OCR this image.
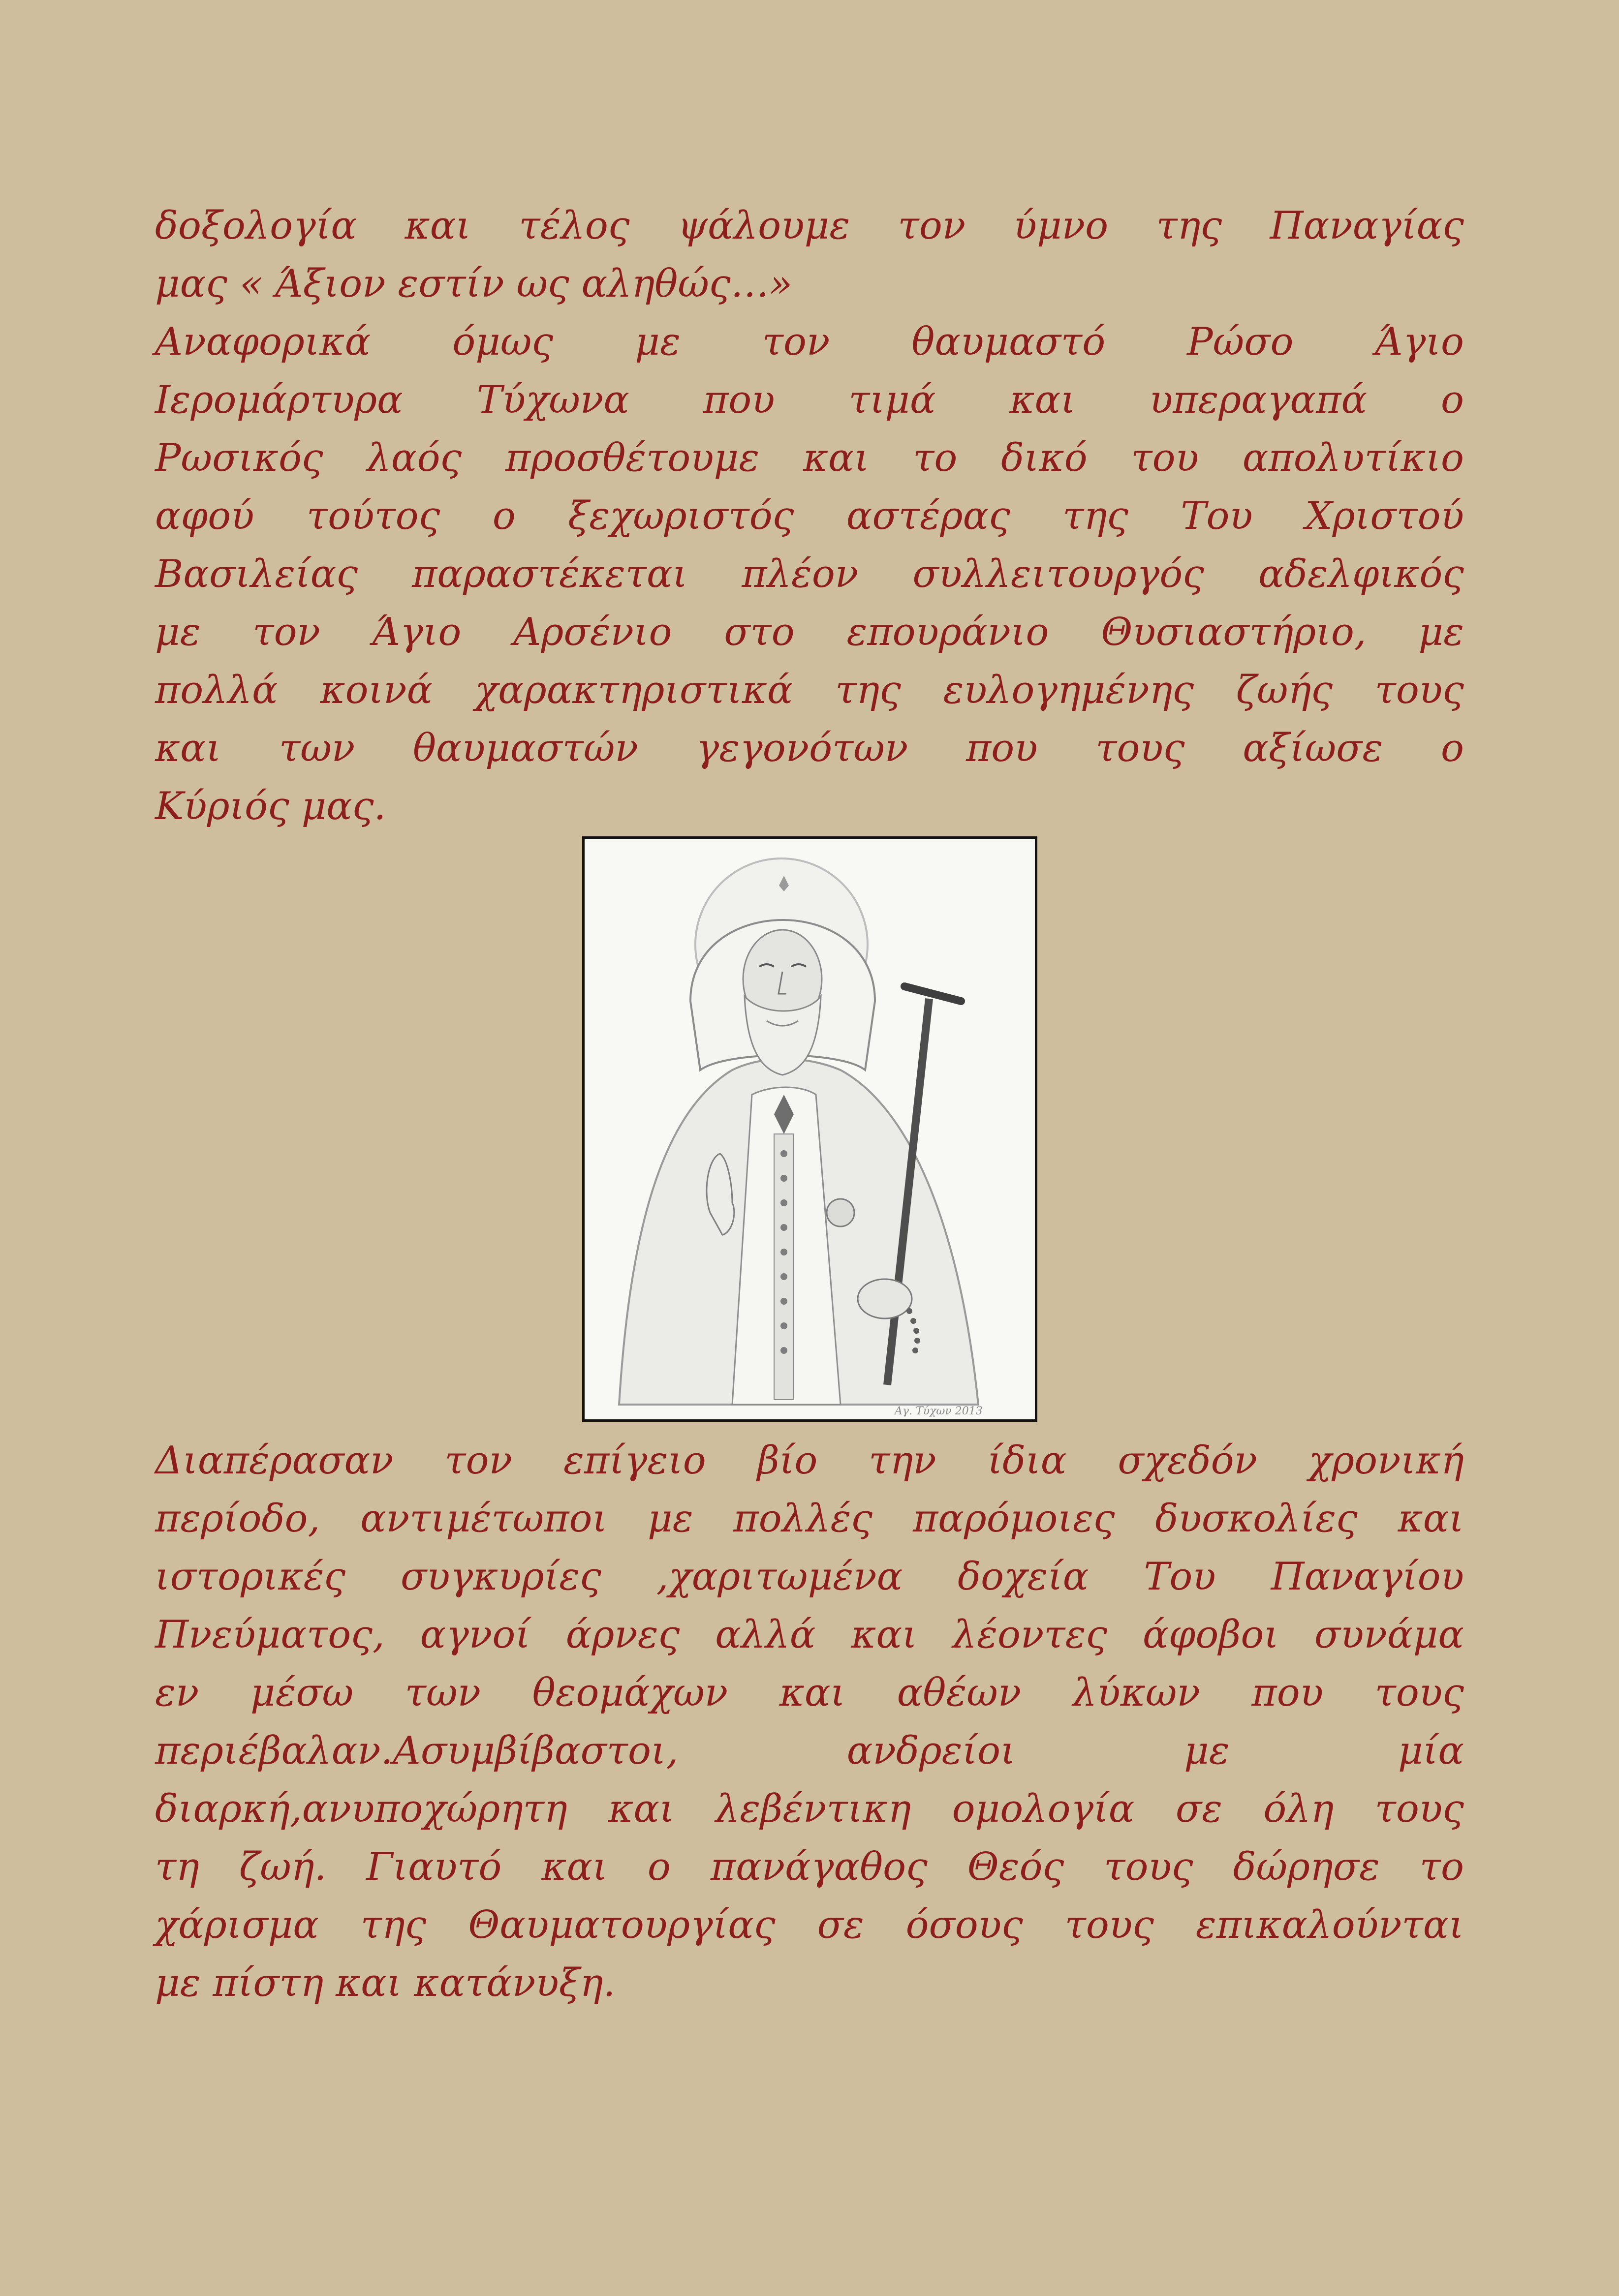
δοξολογία και τέλος ψάλουμε τον ύμνο της Παναγίας
μας « Άξιον εστίν ως αληθώς…»
Αναφορικά όμως με τον θαυμαστό Ρώσο Άγιο
Ιερομάρτυρα Τύχωνα που τιμά και υπεραγαπά ο
Ρωσικός λαός προσθέτουμε και το δικό του απολυτίκιο
αφού τούτος ο ξεχωριστός αστέρας της Του Χριστού
Βασιλείας παραστέκεται πλέον συλλειτουργός αδελφικός
με τον Άγιο Αρσένιο στο επουράνιο Θυσιαστήριο, με
πολλά κοινά χαρακτηριστικά της ευλογημένης ζωής τους
και των θαυμαστών γεγονότων που τους αξίωσε ο
Κύριός μας.
Αγ. Τύχων 2013
Διαπέρασαν τον επίγειο βίο την ίδια σχεδόν χρονική
περίοδο, αντιμέτωποι με πολλές παρόμοιες δυσκολίες και
ιστορικές συγκυρίες ,χαριτωμένα δοχεία Του Παναγίου
Πνεύματος, αγνοί άρνες αλλά και λέοντες άφοβοι συνάμα
εν μέσω των θεομάχων και αθέων λύκων που τους
περιέβαλαν.Ασυμβίβαστοι, ανδρείοι με μία
διαρκή,ανυποχώρητη και λεβέντικη ομολογία σε όλη τους
τη ζωή. Γιαυτό και ο πανάγαθος Θεός τους δώρησε το
χάρισμα της Θαυματουργίας σε όσους τους επικαλούνται
με πίστη και κατάνυξη.
